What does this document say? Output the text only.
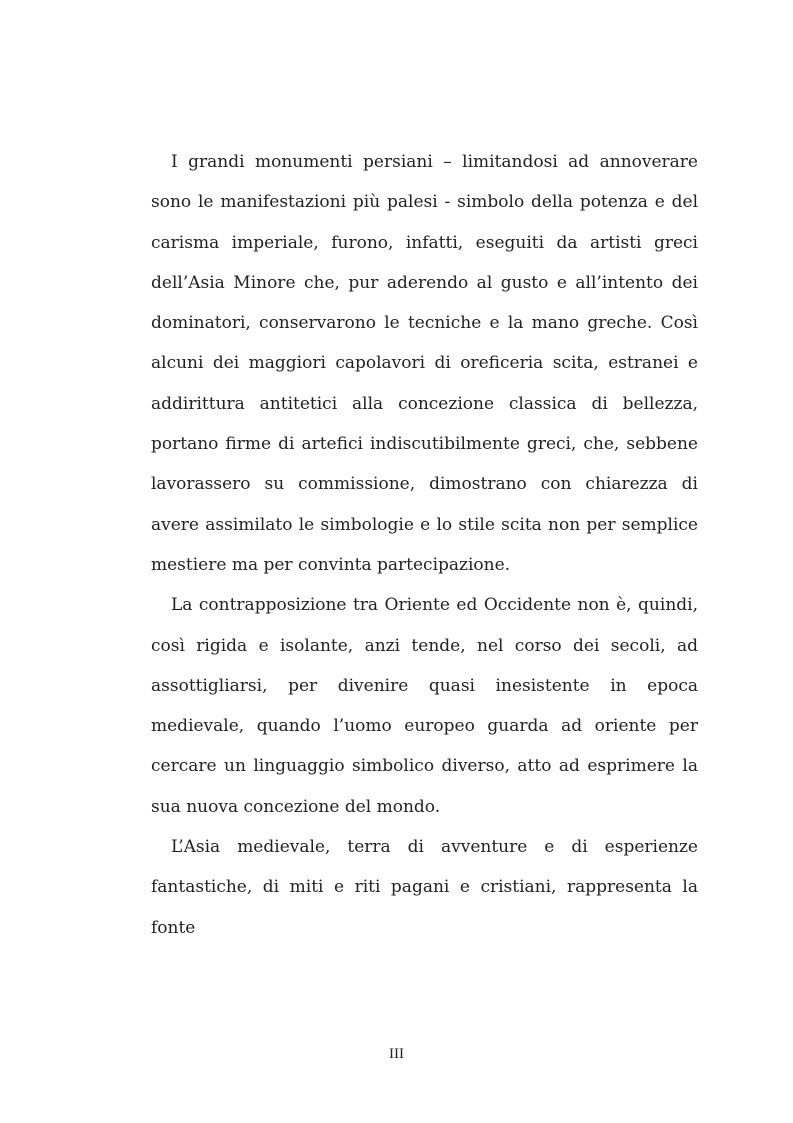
I grandi monumenti persiani – limitandosi ad annoverare sono le manifestazioni più palesi - simbolo della potenza e del carisma imperiale, furono, infatti, eseguiti da artisti greci dell’Asia Minore che, pur aderendo al gusto e all’intento dei dominatori, conservarono le tecniche e la mano greche. Così alcuni dei maggiori capolavori di oreficeria scita, estranei e addirittura antitetici alla concezione classica di bellezza, portano firme di artefici indiscutibilmente greci, che, sebbene lavorassero su commissione, dimostrano con chiarezza di avere assimilato le simbologie e lo stile scita non per semplice mestiere ma per convinta partecipazione.

La contrapposizione tra Oriente ed Occidente non è, quindi, così rigida e isolante, anzi tende, nel corso dei secoli, ad assottigliarsi, per divenire quasi inesistente in epoca medievale, quando l’uomo europeo guarda ad oriente per cercare un linguaggio simbolico diverso, atto ad esprimere la sua nuova concezione del mondo.

L’Asia medievale, terra di avventure e di esperienze fantastiche, di miti e riti pagani e cristiani, rappresenta la fonte

III
